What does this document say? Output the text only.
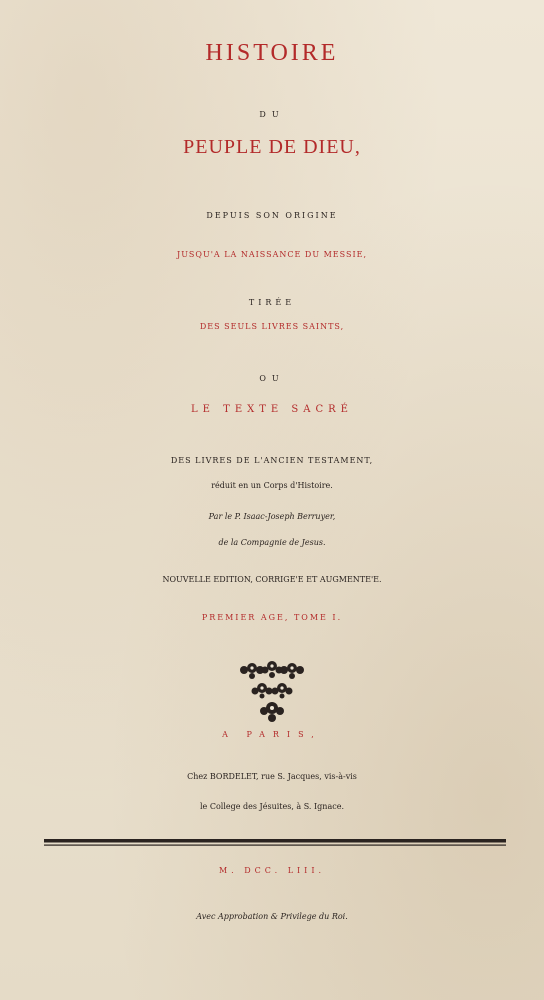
HISTOIRE
DU
PEUPLE DE DIEU,
DEPUIS SON ORIGINE
JUSQU'A LA NAISSANCE DU MESSIE,
TIRÉE
DES SEULS LIVRES SAINTS,
OU
LE TEXTE SACRÉ
DES LIVRES DE L'ANCIEN TESTAMENT,
réduit en un Corps d'Histoire.
Par le P. Isaac-Joseph Berruyer,
de la Compagnie de Jesus.
NOUVELLE EDITION, CORRIGE'E ET AUGMENTE'E.
PREMIER AGE, TOME I.
A PARIS,
Chez BORDELET, rue S. Jacques, vis-à-vis
le College des Jésuites, à S. Ignace.
M. DCC. LIII.
Avec Approbation & Privilege du Roi.
